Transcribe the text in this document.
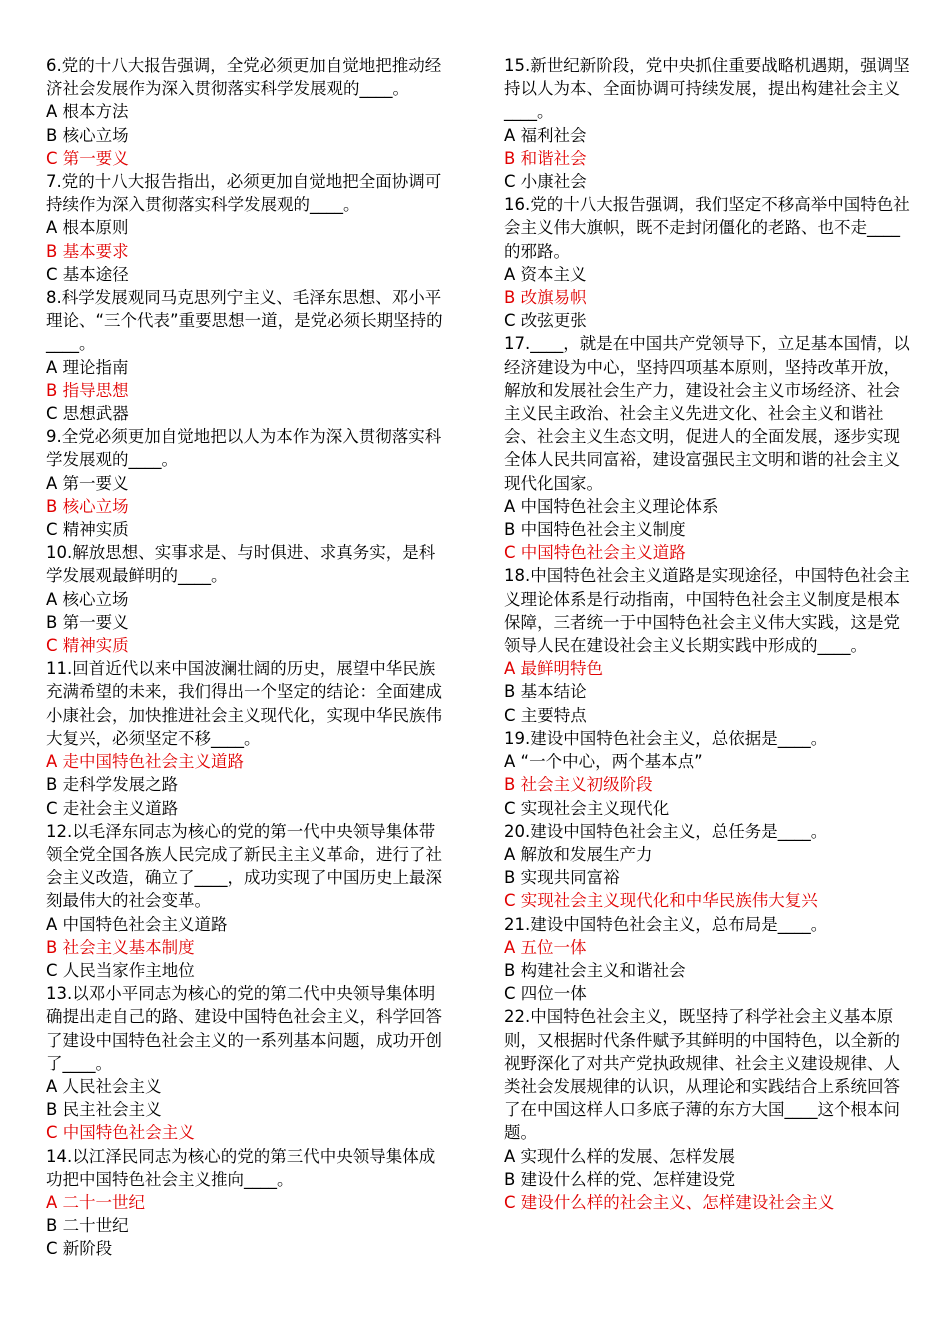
6.党的十八大报告强调，全党必须更加自觉地把推动经济社会发展作为深入贯彻落实科学发展观的____。

A 根本方法

B 核心立场

C 第一要义

7.党的十八大报告指出，必须更加自觉地把全面协调可持续作为深入贯彻落实科学发展观的____。

A 根本原则

B 基本要求

C 基本途径

8.科学发展观同马克思列宁主义、毛泽东思想、邓小平理论、“三个代表”重要思想一道，是党必须长期坚持的____。

A 理论指南

B 指导思想

C 思想武器

9.全党必须更加自觉地把以人为本作为深入贯彻落实科学发展观的____。

A 第一要义

B 核心立场

C 精神实质

10.解放思想、实事求是、与时俱进、求真务实，是科学发展观最鲜明的____。

A 核心立场

B 第一要义

C 精神实质

11.回首近代以来中国波澜壮阔的历史，展望中华民族充满希望的未来，我们得出一个坚定的结论：全面建成小康社会，加快推进社会主义现代化，实现中华民族伟大复兴，必须坚定不移____。

A 走中国特色社会主义道路

B 走科学发展之路

C 走社会主义道路

12.以毛泽东同志为核心的党的第一代中央领导集体带领全党全国各族人民完成了新民主主义革命，进行了社会主义改造，确立了____，成功实现了中国历史上最深刻最伟大的社会变革。

A 中国特色社会主义道路

B 社会主义基本制度

C 人民当家作主地位

13.以邓小平同志为核心的党的第二代中央领导集体明确提出走自己的路、建设中国特色社会主义，科学回答了建设中国特色社会主义的一系列基本问题，成功开创了____。

A 人民社会主义

B 民主社会主义

C 中国特色社会主义

14.以江泽民同志为核心的党的第三代中央领导集体成功把中国特色社会主义推向____。

A 二十一世纪

B 二十世纪

C 新阶段

15.新世纪新阶段，党中央抓住重要战略机遇期，强调坚持以人为本、全面协调可持续发展，提出构建社会主义____。

A 福利社会

B 和谐社会

C 小康社会

16.党的十八大报告强调，我们坚定不移高举中国特色社会主义伟大旗帜，既不走封闭僵化的老路、也不走____的邪路。

A 资本主义

B 改旗易帜

C 改弦更张

17.____，就是在中国共产党领导下，立足基本国情，以经济建设为中心，坚持四项基本原则，坚持改革开放，解放和发展社会生产力，建设社会主义市场经济、社会主义民主政治、社会主义先进文化、社会主义和谐社会、社会主义生态文明，促进人的全面发展，逐步实现全体人民共同富裕，建设富强民主文明和谐的社会主义现代化国家。

A 中国特色社会主义理论体系

B 中国特色社会主义制度

C 中国特色社会主义道路

18.中国特色社会主义道路是实现途径，中国特色社会主义理论体系是行动指南，中国特色社会主义制度是根本保障，三者统一于中国特色社会主义伟大实践，这是党领导人民在建设社会主义长期实践中形成的____。

A 最鲜明特色

B 基本结论

C 主要特点

19.建设中国特色社会主义，总依据是____。

A “一个中心，两个基本点”

B 社会主义初级阶段

C 实现社会主义现代化

20.建设中国特色社会主义，总任务是____。

A 解放和发展生产力

B 实现共同富裕

C 实现社会主义现代化和中华民族伟大复兴

21.建设中国特色社会主义，总布局是____。

A 五位一体

B 构建社会主义和谐社会

C 四位一体

22.中国特色社会主义，既坚持了科学社会主义基本原则，又根据时代条件赋予其鲜明的中国特色，以全新的视野深化了对共产党执政规律、社会主义建设规律、人类社会发展规律的认识，从理论和实践结合上系统回答了在中国这样人口多底子薄的东方大国____这个根本问题。

A 实现什么样的发展、怎样发展

B 建设什么样的党、怎样建设党

C 建设什么样的社会主义、怎样建设社会主义
